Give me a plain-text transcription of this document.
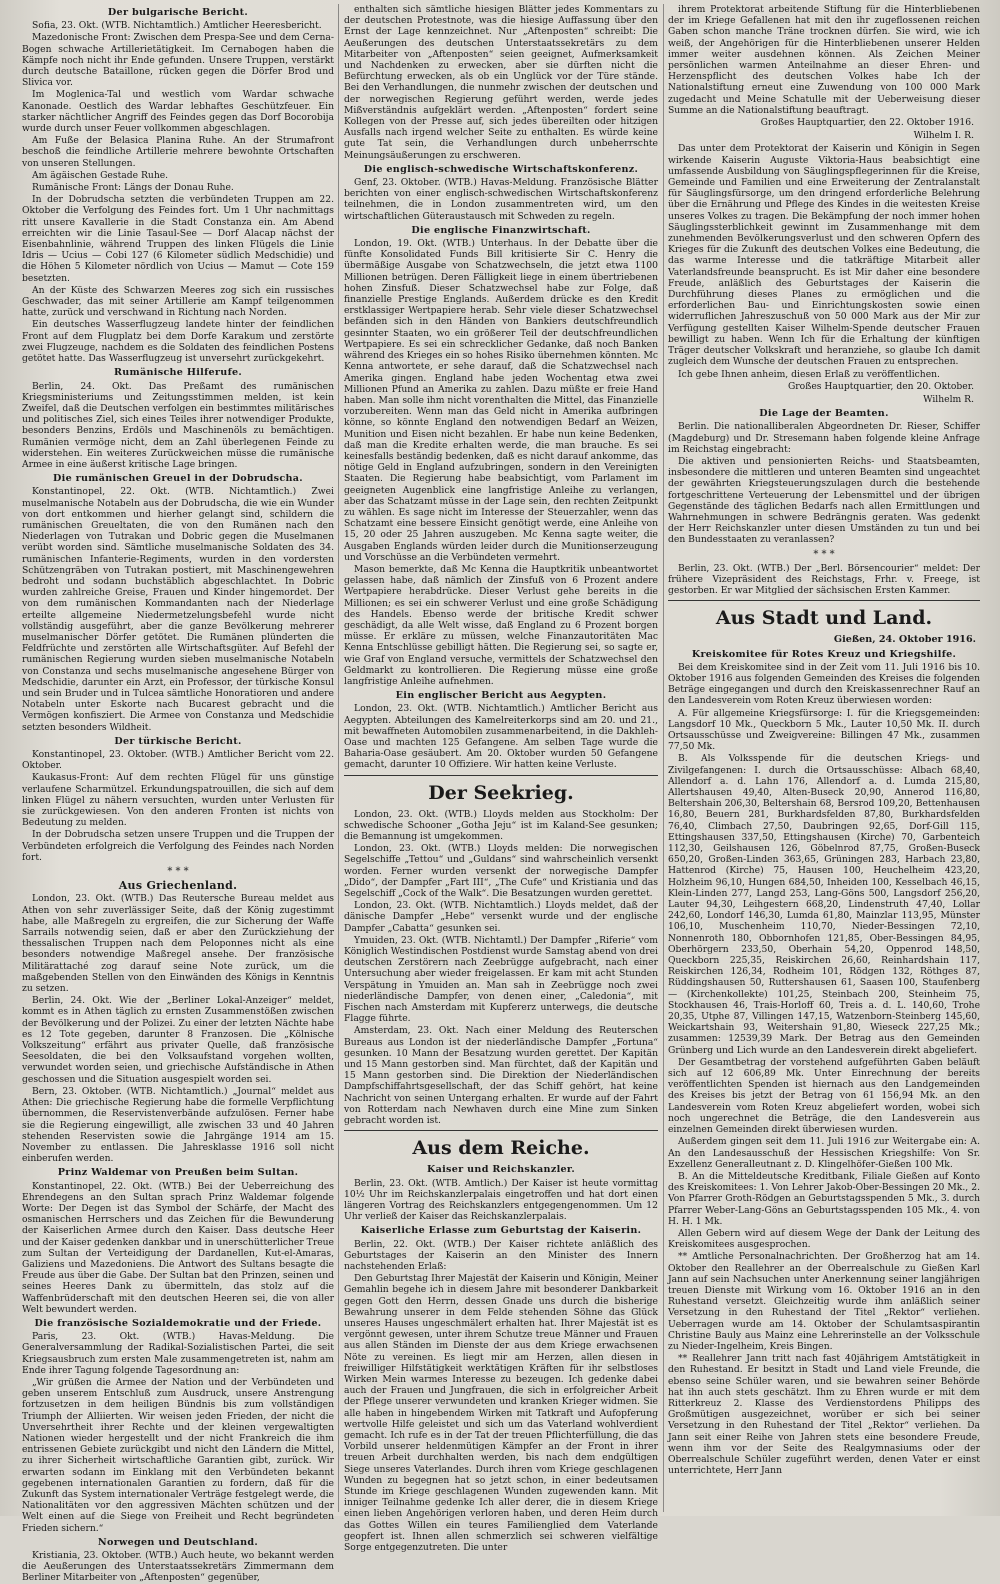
Der bulgarische Bericht.

Sofia, 23. Okt. (WTB. Nichtamtlich.) Amtlicher Heeresbericht.

Mazedonische Front: Zwischen dem Prespa-See und dem Cerna-Bogen schwache Artillerietätigkeit. Im Cernabogen haben die Kämpfe noch nicht ihr Ende gefunden. Unsere Truppen, verstärkt durch deutsche Bataillone, rücken gegen die Dörfer Brod und Slivica vor.

Im Moglenica-Tal und westlich vom Wardar schwache Kanonade. Oestlich des Wardar lebhaftes Geschützfeuer. Ein starker nächtlicher Angriff des Feindes gegen das Dorf Bocorobija wurde durch unser Feuer vollkommen abgeschlagen.

Am Fuße der Belasica Planina Ruhe. An der Strumafront beschoß die feindliche Artillerie mehrere bewohnte Ortschaften von unseren Stellungen.

Am ägäischen Gestade Ruhe.

Rumänische Front: Längs der Donau Ruhe.

In der Dobrudscha setzten die verbündeten Truppen am 22. Oktober die Verfolgung des Feindes fort. Um 1 Uhr nachmittags ritt unsere Kavallerie in die Stadt Constanza ein. Am Abend erreichten wir die Linie Tasaul-See — Dorf Alacap nächst der Eisenbahnlinie, während Truppen des linken Flügels die Linie Idris — Ucius — Cobi 127 (6 Kilometer südlich Medschidie) und die Höhen 5 Kilometer nördlich von Ucius — Mamut — Cote 159 besetzten.

An der Küste des Schwarzen Meeres zog sich ein russisches Geschwader, das mit seiner Artillerie am Kampf teilgenommen hatte, zurück und verschwand in Richtung nach Norden.

Ein deutsches Wasserflugzeug landete hinter der feindlichen Front auf dem Flugplatz bei dem Dorfe Karakum und zerstörte zwei Flugzeuge, nachdem es die Soldaten des feindlichen Postens getötet hatte. Das Wasserflugzeug ist unversehrt zurückgekehrt.

Rumänische Hilferufe.

Berlin, 24. Okt. Das Preßamt des rumänischen Kriegsministeriums und Zeitungsstimmen melden, ist kein Zweifel, daß die Deutschen verfolgen ein bestimmtes militärisches und politisches Ziel, sich eines Teiles ihrer notwendiger Produkte, besonders Benzins, Erdöls und Maschinenöls zu bemächtigen. Rumänien vermöge nicht, dem an Zahl überlegenen Feinde zu widerstehen. Ein weiteres Zurückweichen müsse die rumänische Armee in eine äußerst kritische Lage bringen.

Die rumänischen Greuel in der Dobrudscha.

Konstantinopel, 22. Okt. (WTB. Nichtamtlich.) Zwei muselmanische Notabeln aus der Dobrudscha, die wie ein Wunder von dort entkommen und hierher gelangt sind, schildern die rumänischen Greueltaten, die von den Rumänen nach den Niederlagen von Tutrakan und Dobric gegen die Muselmanen verübt worden sind. Sämtliche muselmanische Soldaten des 34. rumänischen Infanterie-Regiments, wurden in den vordersten Schützengräben von Tutrakan postiert, mit Maschinengewehren bedroht und sodann buchstäblich abgeschlachtet. In Dobric wurden zahlreiche Greise, Frauen und Kinder hingemordet. Der von dem rumänischen Kommandanten nach der Niederlage erteilte allgemeine Niedermetzelungsbefehl wurde nicht vollständig ausgeführt, aber die ganze Bevölkerung mehrerer muselmanischer Dörfer getötet. Die Rumänen plünderten die Feldfrüchte und zerstörten alle Wirtschaftsgüter. Auf Befehl der rumänischen Regierung wurden sieben muselmanische Notabeln von Constanza und sechs muselmanische angesehene Bürger von Medschidie, darunter ein Arzt, ein Professor, der türkische Konsul und sein Bruder und in Tulcea sämtliche Honoratioren und andere Notabeln unter Eskorte nach Bucarest gebracht und die Vermögen konfisziert. Die Armee von Constanza und Medschidie setzten besonders Wildheit.

Der türkische Bericht.

Konstantinopel, 23. Oktober. (WTB.) Amtlicher Bericht vom 22. Oktober.

Kaukasus-Front: Auf dem rechten Flügel für uns günstige verlaufene Scharmützel. Erkundungspatrouillen, die sich auf dem linken Flügel zu nähern versuchten, wurden unter Verlusten für sie zurückgewiesen. Von den anderen Fronten ist nichts von Bedeutung zu melden.

In der Dobrudscha setzen unsere Truppen und die Truppen der Verbündeten erfolgreich die Verfolgung des Feindes nach Norden fort.

* * *
Aus Griechenland.

London, 23. Okt. (WTB.) Das Reutersche Bureau meldet aus Athen von sehr zuverlässiger Seite, daß der König zugestimmt habe, alle Maßregeln zu ergreifen, die zur Sicherung der Waffe Sarrails notwendig seien, daß er aber den Zurückziehung der thessalischen Truppen nach dem Peloponnes nicht als eine besonders notwendige Maßregel ansehe. Der französische Militärattaché zog darauf seine Note zurück, um die maßgebenden Stellen von den Einwänden des Königs in Kenntnis zu setzen.

Berlin, 24. Okt. Wie der „Berliner Lokal-Anzeiger“ meldet, kommt es in Athen täglich zu ernsten Zusammenstößen zwischen der Bevölkerung und der Polizei. Zu einer der letzten Nächte habe es 12 Tote gegeben, darunter 8 Franzosen. Die „Kölnische Volkszeitung“ erfährt aus privater Quelle, daß französische Seesoldaten, die bei den Volksaufstand vorgehen wollten, verwundet worden seien, und griechische Aufständische in Athen geschossen und die Situation ausgespielt worden sei.

Bern, 23. Oktober. (WTB. Nichtamtlich.) „Journal“ meldet aus Athen: Die griechische Regierung habe die formelle Verpflichtung übernommen, die Reservistenverbände aufzulösen. Ferner habe sie die Regierung eingewilligt, alle zwischen 33 und 40 Jahren stehenden Reservisten sowie die Jahrgänge 1914 am 15. November zu entlassen. Die Jahresklasse 1916 soll nicht einberufen werden.

Prinz Waldemar von Preußen beim Sultan.

Konstantinopel, 22. Okt. (WTB.) Bei der Ueberreichung des Ehrendegens an den Sultan sprach Prinz Waldemar folgende Worte: Der Degen ist das Symbol der Schärfe, der Macht des osmanischen Herrschers und das Zeichen für die Bewunderung der Kaiserlichen Armee durch den Kaiser. Dass deutsche Heer und der Kaiser gedenken dankbar und in unerschütterlicher Treue zum Sultan der Verteidigung der Dardanellen, Kut-el-Amaras, Galiziens und Mazedoniens. Die Antwort des Sultans besagte die Freude aus über die Gabe. Der Sultan bat den Prinzen, seinen und seines Heeres Dank zu übermitteln, das stolz auf die Waffenbrüderschaft mit den deutschen Heeren sei, die von aller Welt bewundert werden.

Die französische Sozialdemokratie und der Friede.

Paris, 23. Okt. (WTB.) Havas-Meldung. Die Generalversammlung der Radikal-Sozialistischen Partei, die seit Kriegsausbruch zum ersten Male zusammengetreten ist, nahm am Ende ihrer Tagung folgende Tagesordnung an:

„Wir grüßen die Armee der Nation und der Verbündeten und geben unserem Entschluß zum Ausdruck, unsere Anstrengung fortzusetzen in dem heiligen Bündnis bis zum vollständigen Triumph der Alliierten. Wir weisen jeden Frieden, der nicht die Unversehrtheit ihrer Rechte und der kleinen vergewaltigten Nationen wieder hergestellt und der nicht Frankreich die ihm entrissenen Gebiete zurückgibt und nicht den Ländern die Mittel, zu ihrer Sicherheit wirtschaftliche Garantien gibt, zurück. Wir erwarten sodann im Einklang mit den Verbündeten bekannt gegebenen internationalen Garantien zu fordern, daß für die Zukunft das System internationaler Verträge festgelegt werde, die Nationalitäten vor den aggressiven Mächten schützen und der Welt einen auf die Siege von Freiheit und Recht begründeten Frieden sichern.“

Norwegen und Deutschland.

Kristiania, 23. Oktober. (WTB.) Auch heute, wo bekannt werden die Aeußerungen des Unterstaatssekretärs Zimmermann dem Berliner Mitarbeiter von „Aftenposten“ gegenüber,

enthalten sich sämtliche hiesigen Blätter jedes Kommentars zu der deutschen Protestnote, was die hiesige Auffassung über den Ernst der Lage kennzeichnet. Nur „Aftenposten“ schreibt: Die Aeußerungen des deutschen Unterstaatssekretärs zu dem Mitarbeiter von „Aftenposten“ seien geeignet, Aufmerksamkeit und Nachdenken zu erwecken, aber sie dürften nicht die Befürchtung erwecken, als ob ein Unglück vor der Türe stände. Bei den Verhandlungen, die nunmehr zwischen der deutschen und der norwegischen Regierung geführt werden, werde jedes Mißverständnis aufgeklärt werden. „Aftenposten“ fordert seine Kollegen von der Presse auf, sich jedes übereilten oder hitzigen Ausfalls nach irgend welcher Seite zu enthalten. Es würde keine gute Tat sein, die Verhandlungen durch unbeherrschte Meinungsäußerungen zu erschweren.

Die englisch-schwedische Wirtschaftskonferenz.

Genf, 23. Oktober. (WTB.) Havas-Meldung. Französische Blätter berichten von einer englisch-schwedischen Wirtschaftskonferenz teilnehmen, die in London zusammentreten wird, um den wirtschaftlichen Güteraustausch mit Schweden zu regeln.

Die englische Finanzwirtschaft.

London, 19. Okt. (WTB.) Unterhaus. In der Debatte über die fünfte Konsolidated Funds Bill kritisierte Sir C. Henry die übermäßige Ausgabe von Schatzwechseln, die jetzt etwa 1100 Millionen betrügen. Deren Fälligkeit liege in einem übertriebenen hohen Zinsfuß. Dieser Schatzwechsel habe zur Folge, daß finanzielle Prestige Englands. Außerdem drücke es den Kredit erstklassiger Wertpapiere herab. Sehr viele dieser Schatzwechsel befänden sich in den Händen von Bankiers deutschfreundlich gesinnter Staaten, wo ein größerer Teil der deutschfreundlichen Wertpapiere. Es sei ein schrecklicher Gedanke, daß noch Banken während des Krieges ein so hohes Risiko übernehmen könnten. Mc Kenna antwortete, er sehe darauf, daß die Schatzwechsel nach Amerika gingen. England habe jeden Wochentag etwa zwei Millionen Pfund an Amerika zu zahlen. Dazu müßte er freie Hand haben. Man solle ihm nicht vorenthalten die Mittel, das Finanzielle vorzubereiten. Wenn man das Geld nicht in Amerika aufbringen könne, so könnte England den notwendigen Bedarf an Weizen, Munition und Eisen nicht bezahlen. Er habe nun keine Bedenken, daß man die Kredite erhalten werde, die man brauche. Es sei keinesfalls beständig bedenken, daß es nicht darauf ankomme, das nötige Geld in England aufzubringen, sondern in den Vereinigten Staaten. Die Regierung habe beabsichtigt, vom Parlament im geeigneten Augenblick eine langfristige Anleihe zu verlangen, aber das Schatzamt müsse in der Lage sein, den rechten Zeitpunkt zu wählen. Es sage nicht im Interesse der Steuerzahler, wenn das Schatzamt eine bessere Einsicht genötigt werde, eine Anleihe von 15, 20 oder 25 Jahren auszugeben. Mc Kenna sagte weiter, die Ausgaben Englands würden leider durch die Munitionserzeugung und Vorschüsse an die Verbündeten vermehrt.

Mason bemerkte, daß Mc Kenna die Hauptkritik unbeantwortet gelassen habe, daß nämlich der Zinsfuß von 6 Prozent andere Wertpapiere herabdrücke. Dieser Verlust gehe bereits in die Millionen; es sei ein schwerer Verlust und eine große Schädigung des Handels. Ebenso werde der britische Kredit schwer geschädigt, da alle Welt wisse, daß England zu 6 Prozent borgen müsse. Er erkläre zu müssen, welche Finanzautoritäten Mac Kenna Entschlüsse gebilligt hätten. Die Regierung sei, so sagte er, wie Graf von England versuche, vermittels der Schatzwechsel den Geldmarkt zu kontrollieren. Die Regierung müsse eine große langfristige Anleihe aufnehmen.

Ein englischer Bericht aus Aegypten.

London, 23. Okt. (WTB. Nichtamtlich.) Amtlicher Bericht aus Aegypten. Abteilungen des Kamelreiterkorps sind am 20. und 21., mit bewaffneten Automobilen zusammenarbeitend, in die Dakhleh-Oase und machten 125 Gefangene. Am selben Tage wurde die Baharia-Oase gesäubert. Am 20. Oktober wurden 50 Gefangene gemacht, darunter 10 Offiziere. Wir hatten keine Verluste.

Der Seekrieg.

London, 23. Okt. (WTB.) Lloyds melden aus Stockholm: Der schwedische Schooner „Gotha Jeju“ ist im Kaland-See gesunken; die Bemannung ist umgekommen.

London, 23. Okt. (WTB.) Lloyds melden: Die norwegischen Segelschiffe „Tettou“ und „Guldans“ sind wahrscheinlich versenkt worden. Ferner wurden versenkt der norwegische Dampfer „Dido“, der Dampfer „Fart III“, „The Cufe“ und Kristiania und das Segelschiff „Cock of the Walk“. Die Besatzungen wurden gerettet.

London, 23. Okt. (WTB. Nichtamtlich.) Lloyds meldet, daß der dänische Dampfer „Hebe“ versenkt wurde und der englische Dampfer „Cabatta“ gesunken sei.

Ymuiden, 23. Okt. (WTB. Nichtamtl.) Der Dampfer „Riferie“ vom Königlich Westindischen Postdienst wurde Samstag abend von drei deutschen Zerstörern nach Zeebrügge aufgebracht, nach einer Untersuchung aber wieder freigelassen. Er kam mit acht Stunden Verspätung in Ymuiden an. Man sah in Zeebrügge noch zwei niederländische Dampfer, von denen einer, „Caledonia“, mit Fischen nach Amsterdam mit Kupfererz unterwegs, die deutsche Flagge führte.

Amsterdam, 23. Okt. Nach einer Meldung des Reuterschen Bureaus aus London ist der niederländische Dampfer „Fortuna“ gesunken. 10 Mann der Besatzung wurden gerettet. Der Kapitän und 15 Mann gestorben sind. Man fürchtet, daß der Kapitän und 15 Mann gestorben sind. Die Direktion der Niederländischen Dampfschiffahrtsgesellschaft, der das Schiff gehört, hat keine Nachricht von seinen Untergang erhalten. Er wurde auf der Fahrt von Rotterdam nach Newhaven durch eine Mine zum Sinken gebracht worden ist.

Aus dem Reiche.
Kaiser und Reichskanzler.

Berlin, 23. Okt. (WTB. Amtlich.) Der Kaiser ist heute vormittag 10½ Uhr im Reichskanzlerpalais eingetroffen und hat dort einen längeren Vortrag des Reichskanzlers entgegengenommen. Um 12 Uhr verließ der Kaiser das Reichskanzlerpalais.

Kaiserliche Erlasse zum Geburtstag der Kaiserin.

Berlin, 22. Okt. (WTB.) Der Kaiser richtete anläßlich des Geburtstages der Kaiserin an den Minister des Innern nachstehenden Erlaß:

Den Geburtstag Ihrer Majestät der Kaiserin und Königin, Meiner Gemahlin begehe ich in diesem Jahre mit besonderer Dankbarkeit gegen Gott den Herrn, dessen Gnade uns durch die bisherige Bewahrung unserer in dem Felde stehenden Söhne das Glück unseres Hauses ungeschmälert erhalten hat. Ihrer Majestät ist es vergönnt gewesen, unter ihrem Schutze treue Männer und Frauen aus allen Ständen im Dienste der aus dem Kriege erwachsenen Nöte zu vereinen. Es liegt mir am Herzen, allen diesen in freiwilliger Hilfstätigkeit werktätigen Kräften für ihr selbstloses Wirken Mein warmes Interesse zu bezeugen. Ich gedenke dabei auch der Frauen und Jungfrauen, die sich in erfolgreicher Arbeit der Pflege unserer verwundeten und kranken Krieger widmen. Sie alle haben in hingebendem Wirken mit Tatkraft und Aufopferung wertvolle Hilfe geleistet und sich um das Vaterland wohlverdient gemacht. Ich rufe es in der Tat der treuen Pflichterfüllung, die das Vorbild unserer heldenmütigen Kämpfer an der Front in ihrer treuen Arbeit durchhalten werden, bis nach dem endgültigen Siege unseres Vaterlandes. Durch ihren vom Kriege geschlagenen Wunden zu begegnen hat so jetzt schon, in einer bedeutsamen Stunde im Kriege geschlagenen Wunden zugewenden kann. Mit inniger Teilnahme gedenke Ich aller derer, die in diesem Kriege einen lieben Angehörigen verloren haben, und deren Heim durch das Gottes Willen ein teures Familienglied dem Vaterlande geopfert ist. Ihnen allen schmerzlich sei schweren vielfältige Sorge entgegenzutreten. Die unter

ihrem Protektorat arbeitende Stiftung für die Hinterbliebenen der im Kriege Gefallenen hat mit den ihr zugeflossenen reichen Gaben schon manche Träne trocknen dürfen. Sie wird, wie ich weiß, der Angehörigen für die Hinterbliebenen unserer Helden immer weiter ausdehnen können. Als Zeichen Meiner persönlichen warmen Anteilnahme an dieser Ehren- und Herzenspflicht des deutschen Volkes habe Ich der Nationalstiftung erneut eine Zuwendung von 100 000 Mark zugedacht und Meine Schatulle mit der Ueberweisung dieser Summe an die Nationalstiftung beauftragt.

Großes Hauptquartier, den 22. Oktober 1916.
Wilhelm I. R.

Das unter dem Protektorat der Kaiserin und Königin in Segen wirkende Kaiserin Auguste Viktoria-Haus beabsichtigt eine umfassende Ausbildung von Säuglingspflegerinnen für die Kreise, Gemeinde und Familien und eine Erweiterung der Zentralanstalt für Säuglingsfürsorge, um den dringend erforderliche Belehrung über die Ernährung und Pflege des Kindes in die weitesten Kreise unseres Volkes zu tragen. Die Bekämpfung der noch immer hohen Säuglingssterblichkeit gewinnt im Zusammenhange mit dem zunehmenden Bevölkerungsverlust und den schweren Opfern des Krieges für die Zukunft des deutschen Volkes eine Bedeutung, die das warme Interesse und die tatkräftige Mitarbeit aller Vaterlandsfreunde beansprucht. Es ist Mir daher eine besondere Freude, anläßlich des Geburtstages der Kaiserin die Durchführung dieses Planes zu ermöglichen und die erforderlichen Bau- und Einrichtungskosten sowie einen widerruflichen Jahreszuschuß von 50 000 Mark aus der Mir zur Verfügung gestellten Kaiser Wilhelm-Spende deutscher Frauen bewilligt zu haben. Wenn Ich für die Erhaltung der künftigen Träger deutscher Volkskraft und heranziehe, so glaube Ich damit zugleich dem Wunsche der deutschen Frauen zu entsprechen.

Ich gebe Ihnen anheim, diesen Erlaß zu veröffentlichen.

Großes Hauptquartier, den 20. Oktober.
Wilhelm R.
Die Lage der Beamten.

Berlin. Die nationalliberalen Abgeordneten Dr. Rieser, Schiffer (Magdeburg) und Dr. Stresemann haben folgende kleine Anfrage im Reichstag eingebracht:

Die aktiven und pensionierten Reichs- und Staatsbeamten, insbesondere die mittleren und unteren Beamten sind ungeachtet der gewährten Kriegsteuerungszulagen durch die bestehende fortgeschrittene Verteuerung der Lebensmittel und der übrigen Gegenstände des täglichen Bedarfs nach allen Ermittlungen und Wahrnehmungen in schwere Bedrängnis geraten. Was gedenkt der Herr Reichskanzler unter diesen Umständen zu tun und bei den Bundesstaaten zu veranlassen?

* * *

Berlin, 23. Okt. (WTB.) Der „Berl. Börsencourier“ meldet: Der frühere Vizepräsident des Reichstags, Frhr. v. Freege, ist gestorben. Er war Mitglied der sächsischen Ersten Kammer.

Aus Stadt und Land.
Gießen, 24. Oktober 1916.
Kreiskomitee für Rotes Kreuz und Kriegshilfe.

Bei dem Kreiskomitee sind in der Zeit vom 11. Juli 1916 bis 10. Oktober 1916 aus folgenden Gemeinden des Kreises die folgenden Beträge eingegangen und durch den Kreiskassenrechner Rauf an den Landesverein vom Roten Kreuz überwiesen worden:

A. Für allgemeine Kriegsfürsorge: I. für die Kriegsgemeinden: Langsdorf 10 Mk., Queckborn 5 Mk., Lauter 10,50 Mk. II. durch Ortsausschüsse und Zweigvereine: Billingen 47 Mk., zusammen 77,50 Mk.

B. Als Volksspende für die deutschen Kriegs- und Zivilgefangenen: I. durch die Ortsausschüsse: Albach 68,40, Allendorf a. d. Lahn 176, Allendorf a. d. Lumda 215,80, Allertshausen 49,40, Alten-Buseck 20,90, Annerod 116,80, Beltershain 206,30, Beltershain 68, Bersrod 109,20, Bettenhausen 16,80, Beuern 281, Burkhardsfelden 87,80, Burkhardsfelden 76,40, Climbach 27,50, Daubringen 92,65, Dorf-Gill 115, Ettingshausen 337,50, Ettingshausen (Kirche) 70, Garbenteich 112,30, Geilshausen 126, Göbelnrod 87,75, Großen-Buseck 650,20, Großen-Linden 363,65, Grüningen 283, Harbach 23,80, Hattenrod (Kirche) 75, Hausen 100, Heuchelheim 423,20, Holzheim 96,10, Hungen 684,50, Inheiden 100, Kesselbach 46,15, Klein-Linden 277, Langd 253, Lang-Göns 500, Langsdorf 256,20, Lauter 94,30, Leihgestern 668,20, Lindenstruth 47,40, Lollar 242,60, Londorf 146,30, Lumda 61,80, Mainzlar 113,95, Münster 106,10, Muschenheim 110,70, Nieder-Bessingen 72,10, Nonnenroth 180, Obbornhofen 121,85, Ober-Bessingen 84,95, Oberhörgern 233,50, Oberhain 54,20, Oppenrod 148,50, Queckborn 225,35, Reiskirchen 26,60, Reinhardshain 117, Reiskirchen 126,34, Rodheim 101, Rödgen 132, Röthges 87, Rüddingshausen 50, Ruttershausen 61, Saasen 100, Staufenberg — (Kirchenkollekte) 101,25, Steinbach 200, Steinheim 75, Stockhausen 46, Trais-Horloff 60, Treis a. d. L. 140,60, Trohe 20,35, Utphe 87, Villingen 147,15, Watzenborn-Steinberg 145,60, Weickartshain 93, Weitershain 91,80, Wieseck 227,25 Mk.; zusammen: 12539,39 Mark. Der Betrag aus den Gemeinden Grünberg und Lich wurde an den Landesverein direkt abgeliefert.

Der Gesamtbetrag der vorstehend aufgeführten Gaben beläuft sich auf 12 606,89 Mk. Unter Einrechnung der bereits veröffentlichten Spenden ist hiernach aus den Landgemeinden des Kreises bis jetzt der Betrag von 61 156,94 Mk. an den Landesverein vom Roten Kreuz abgeliefert worden, wobei sich noch ungerechnet die Beträge, die den Landesverein aus einzelnen Gemeinden direkt überwiesen wurden.

Außerdem gingen seit dem 11. Juli 1916 zur Weitergabe ein: A. An den Landesausschuß der Hessischen Kriegshilfe: Von Sr. Exzellenz Generalleutnant z. D. Klingelhöfer-Gießen 100 Mk.

B. An die Mitteldeutsche Kreditbank, Filiale Gießen auf Konto des Kreiskomitees: 1. Von Lehrer Jakob-Ober-Bessingen 20 Mk., 2. Von Pfarrer Groth-Rödgen an Geburtstagsspenden 5 Mk., 3. durch Pfarrer Weber-Lang-Göns an Geburtstagsspenden 105 Mk., 4. von H. H. 1 Mk.

Allen Gebern wird auf diesem Wege der Dank der Leitung des Kreiskomitees ausgesprochen.

** Amtliche Personalnachrichten. Der Großherzog hat am 14. Oktober den Reallehrer an der Oberrealschule zu Gießen Karl Jann auf sein Nachsuchen unter Anerkennung seiner langjährigen treuen Dienste mit Wirkung vom 16. Oktober 1916 an in den Ruhestand versetzt. Gleichzeitig wurde ihm anläßlich seiner Versetzung in den Ruhestand der Titel „Rektor“ verliehen. Ueberragen wurde am 14. Oktober der Schulamtsaspirantin Christine Bauly aus Mainz eine Lehrerinstelle an der Volksschule zu Nieder-Ingelheim, Kreis Bingen.

** Reallehrer Jann tritt nach fast 40jährigem Amtstätigkeit in den Ruhestand. Er besitzt in Stadt und Land viele Freunde, die ebenso seine Schüler waren, und sie bewahren seiner Behörde hat ihn auch stets geschätzt. Ihm zu Ehren wurde er mit dem Ritterkreuz 2. Klasse des Verdienstordens Philipps des Großmütigen ausgezeichnet, worüber er sich bei seiner Versetzung in den Ruhestand der Titel „Rektor“ verliehen. Da Jann seit einer Reihe von Jahren stets eine besondere Freude, wenn ihm vor der Seite des Realgymnasiums oder der Oberrealschule Schüler zugeführt werden, denen Vater er einst unterrichtete, Herr Jann
